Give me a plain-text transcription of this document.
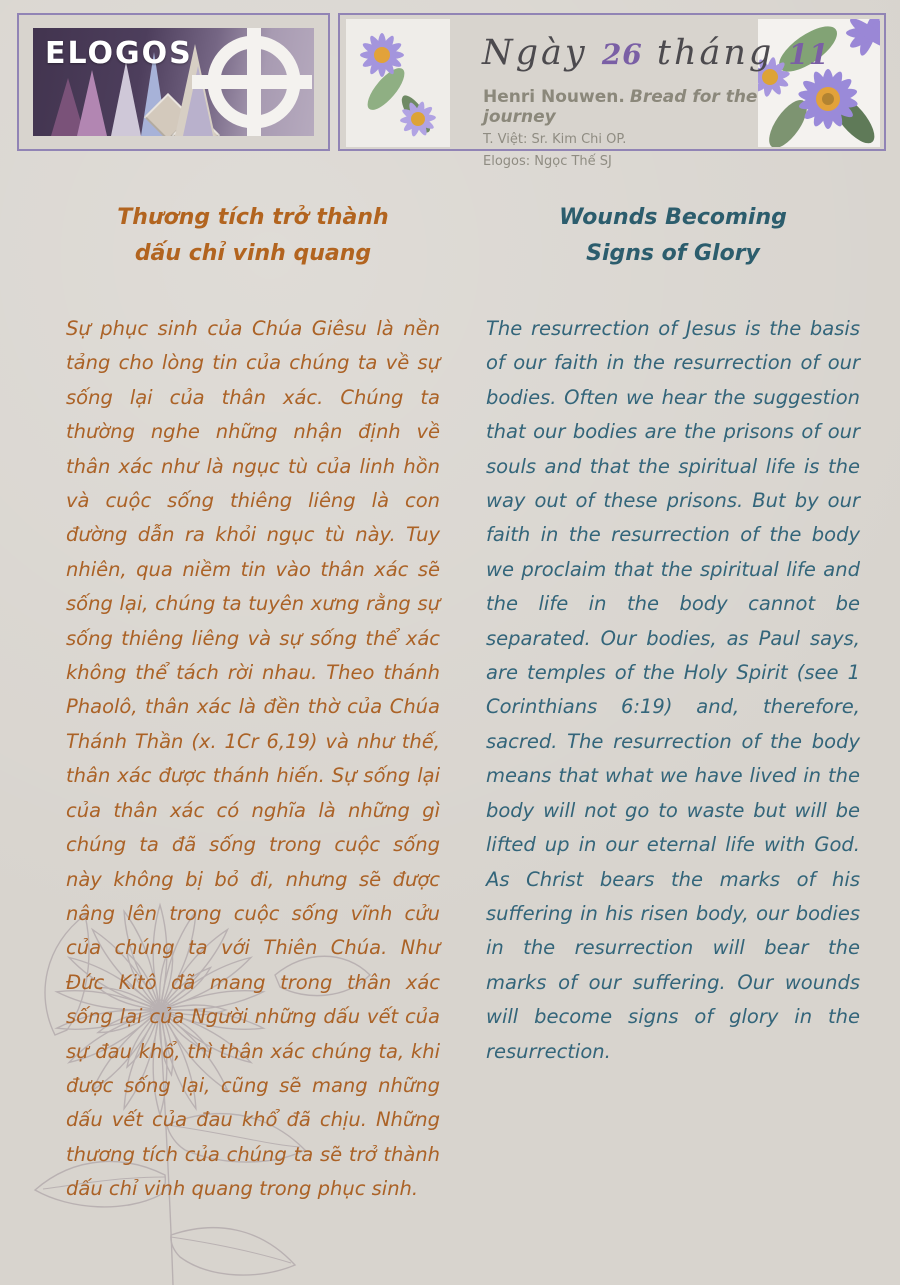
ELOGOS	Ngày 26 tháng 11
Henri Nouwen. Bread for the journey
T. Việt: Sr. Kim Chi OP.
Elogos: Ngọc Thế SJ
Thương tích trở thành
dấu chỉ vinh quang
Sự phục sinh của Chúa Giêsu là nền tảng cho lòng tin của chúng ta về sự sống lại của thân xác. Chúng ta thường nghe những nhận định về thân xác như là ngục tù của linh hồn và cuộc sống thiêng liêng là con đường dẫn ra khỏi ngục tù này. Tuy nhiên, qua niềm tin vào thân xác sẽ sống lại, chúng ta tuyên xưng rằng sự sống thiêng liêng và sự sống thể xác không thể tách rời nhau. Theo thánh Phaolô, thân xác là đền thờ của Chúa Thánh Thần (x. 1Cr 6,19) và như thế, thân xác được thánh hiến. Sự sống lại của thân xác có nghĩa là những gì chúng ta đã sống trong cuộc sống này không bị bỏ đi, nhưng sẽ được nâng lên trong cuộc sống vĩnh cửu của chúng ta với Thiên Chúa. Như Đức Kitô đã mang trong thân xác sống lại của Người những dấu vết của sự đau khổ, thì thân xác chúng ta, khi được sống lại, cũng sẽ mang những dấu vết của đau khổ đã chịu. Những thương tích của chúng ta sẽ trở thành dấu chỉ vinh quang trong phục sinh.
Wounds Becoming
Signs of Glory
The resurrection of Jesus is the basis of our faith in the resurrection of our bodies. Often we hear the suggestion that our bodies are the prisons of our souls and that the spiritual life is the way out of these prisons. But by our faith in the resurrection of the body we proclaim that the spiritual life and the life in the body cannot be separated. Our bodies, as Paul says, are temples of the Holy Spirit (see 1 Corinthians 6:19) and, therefore, sacred. The resurrection of the body means that what we have lived in the body will not go to waste but will be lifted up in our eternal life with God. As Christ bears the marks of his suffering in his risen body, our bodies in the resurrection will bear the marks of our suffering. Our wounds will become signs of glory in the resurrection.
